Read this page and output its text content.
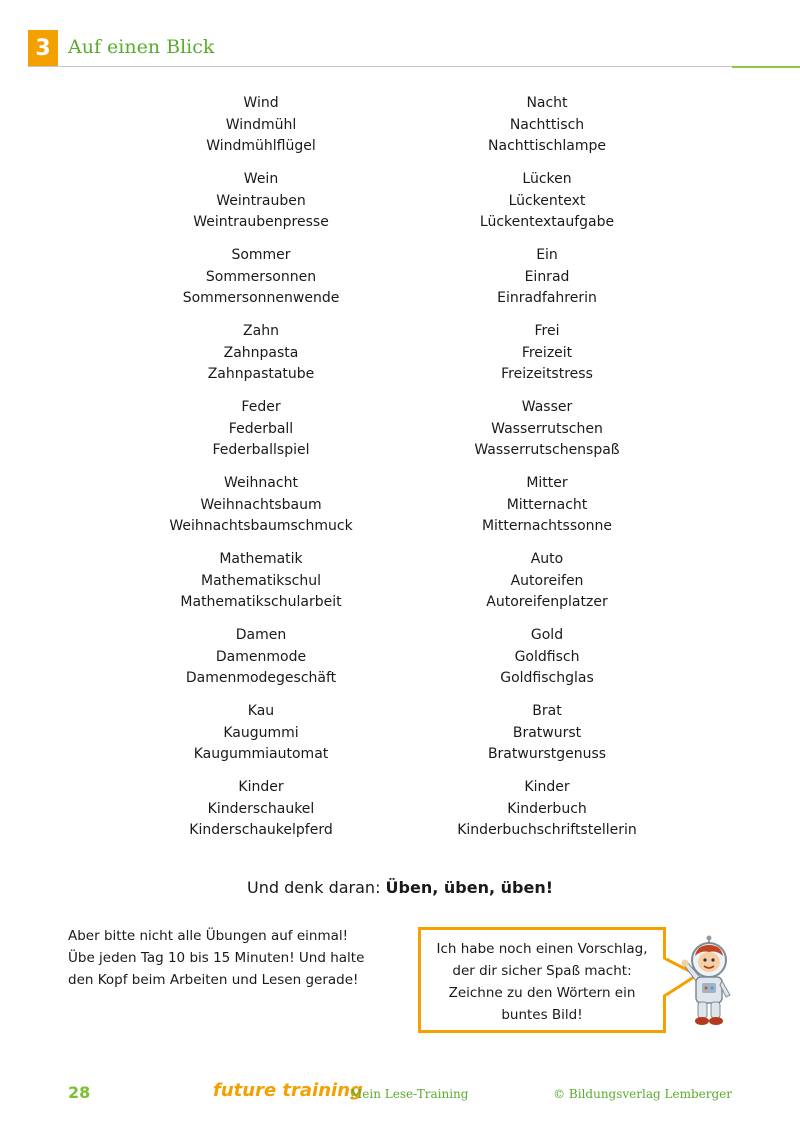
3 Auf einen Blick
Wind
Windmühl
Windmühlflügel
Wein
Weintrauben
Weintraubenpresse
Sommer
Sommersonnen
Sommersonnenwende
Zahn
Zahnpasta
Zahnpastatube
Feder
Federball
Federballspiel
Weihnacht
Weihnachtsbaum
Weihnachtsbaumschmuck
Mathematik
Mathematikschul
Mathematikschularbeit
Damen
Damenmode
Damenmodegeschäft
Kau
Kaugummi
Kaugummiautomat
Kinder
Kinderschaukel
Kinderschaukelpferd
Nacht
Nachttisch
Nachttischlampe
Lücken
Lückentext
Lückentextaufgabe
Ein
Einrad
Einradfahrerin
Frei
Freizeit
Freizeitstress
Wasser
Wasserrutschen
Wasserrutschenspaß
Mitter
Mitternacht
Mitternachtssonne
Auto
Autoreifen
Autoreifenplatzer
Gold
Goldfisch
Goldfischglas
Brat
Bratwurst
Bratwurstgenuss
Kinder
Kinderbuch
Kinderbuchschriftstellerin
Und denk daran: Üben, üben, üben!
Aber bitte nicht alle Übungen auf einmal!
Übe jeden Tag 10 bis 15 Minuten! Und halte
den Kopf beim Arbeiten und Lesen gerade!
Ich habe noch einen Vorschlag,
der dir sicher Spaß macht:
Zeichne zu den Wörtern ein
buntes Bild!
28	future training
Mein Lese-Training	© Bildungsverlag Lemberger
